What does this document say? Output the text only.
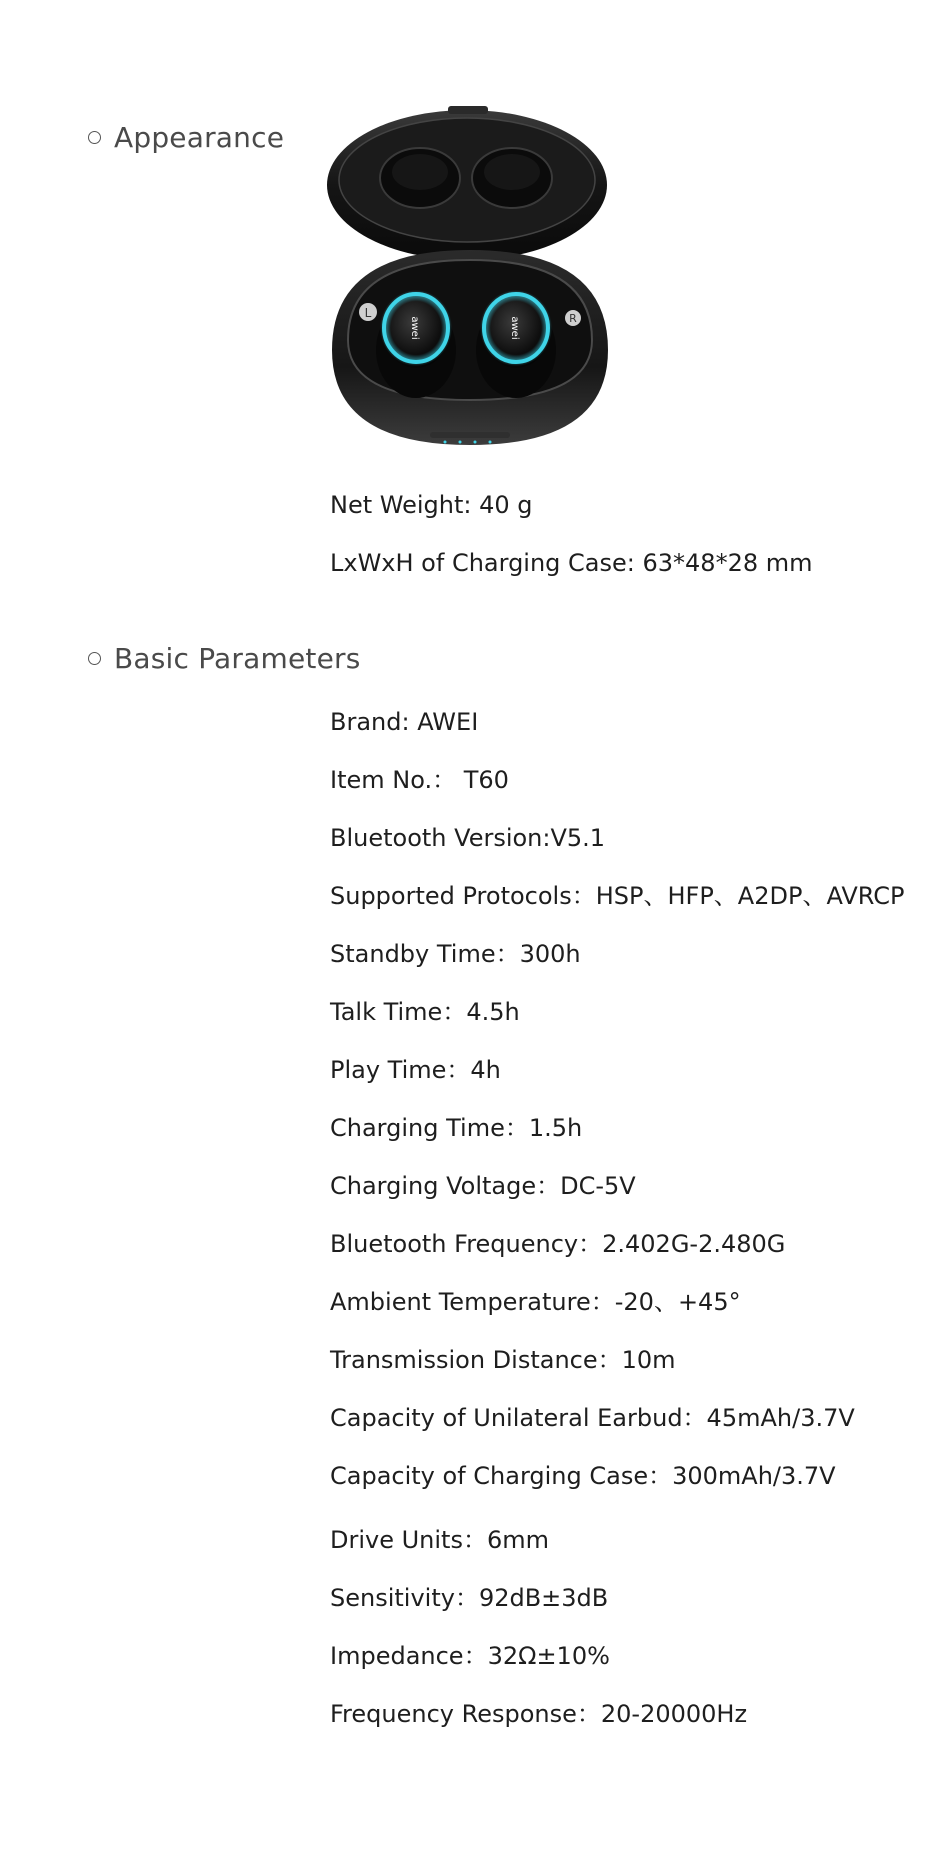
Appearance
L	R
awei	awei
Net Weight: 40 g
LxWxH of Charging Case: 63*48*28 mm
Basic Parameters
Brand: AWEI
Item No.： T60
Bluetooth Version:V5.1
Supported Protocols：HSP、HFP、A2DP、AVRCP
Standby Time：300h
Talk Time：4.5h
Play Time：4h
Charging Time：1.5h
Charging Voltage：DC-5V
Bluetooth Frequency：2.402G-2.480G
Ambient Temperature：-20、+45°
Transmission Distance：10m
Capacity of Unilateral Earbud：45mAh/3.7V
Capacity of Charging Case：300mAh/3.7V
Drive Units：6mm
Sensitivity：92dB±3dB
Impedance：32Ω±10%
Frequency Response：20-20000Hz
